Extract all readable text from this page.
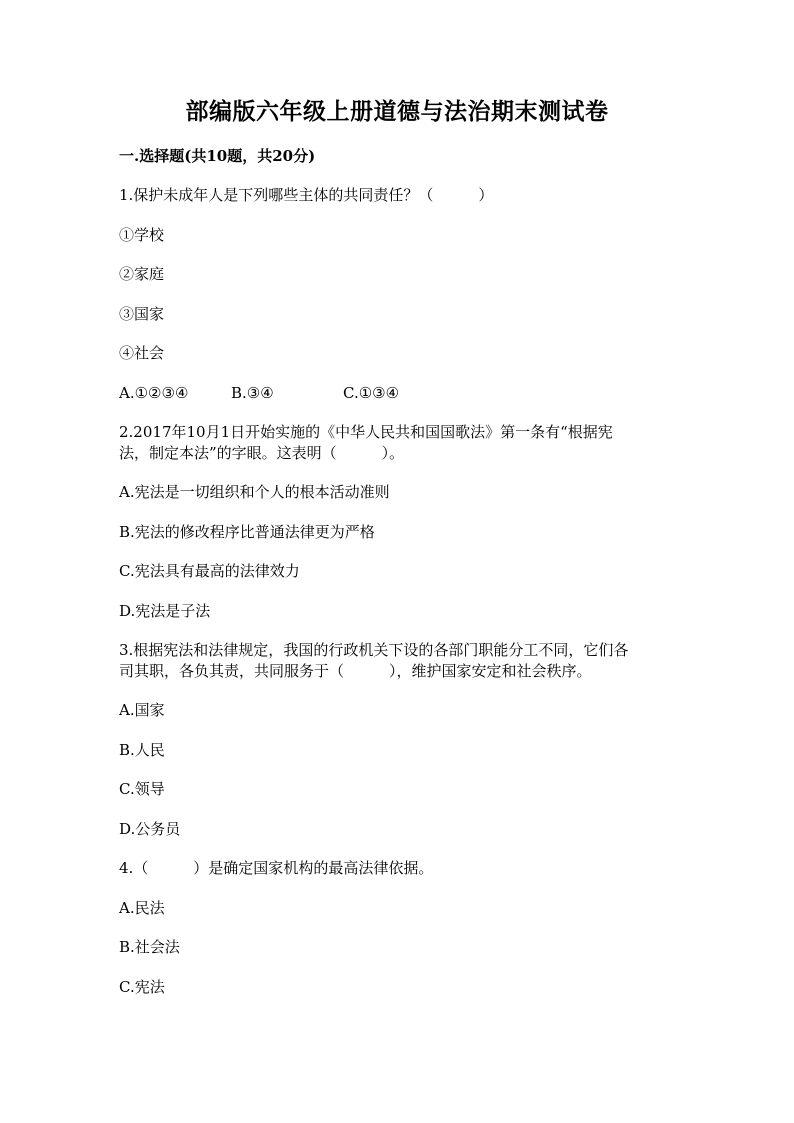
部编版六年级上册道德与法治期末测试卷
一.选择题(共10题，共20分)
1.保护未成年人是下列哪些主体的共同责任？（　　　）
①学校
②家庭
③国家
④社会
A.①②③④	B.③④	C.①③④
2.2017年10月1日开始实施的《中华人民共和国国歌法》第一条有“根据宪
法，制定本法”的字眼。这表明（　　　）。
A.宪法是一切组织和个人的根本活动准则
B.宪法的修改程序比普通法律更为严格
C.宪法具有最高的法律效力
D.宪法是子法
3.根据宪法和法律规定，我国的行政机关下设的各部门职能分工不同，它们各
司其职，各负其责，共同服务于（　　　），维护国家安定和社会秩序。
A.国家
B.人民
C.领导
D.公务员
4.（　　　）是确定国家机构的最高法律依据。
A.民法
B.社会法
C.宪法
